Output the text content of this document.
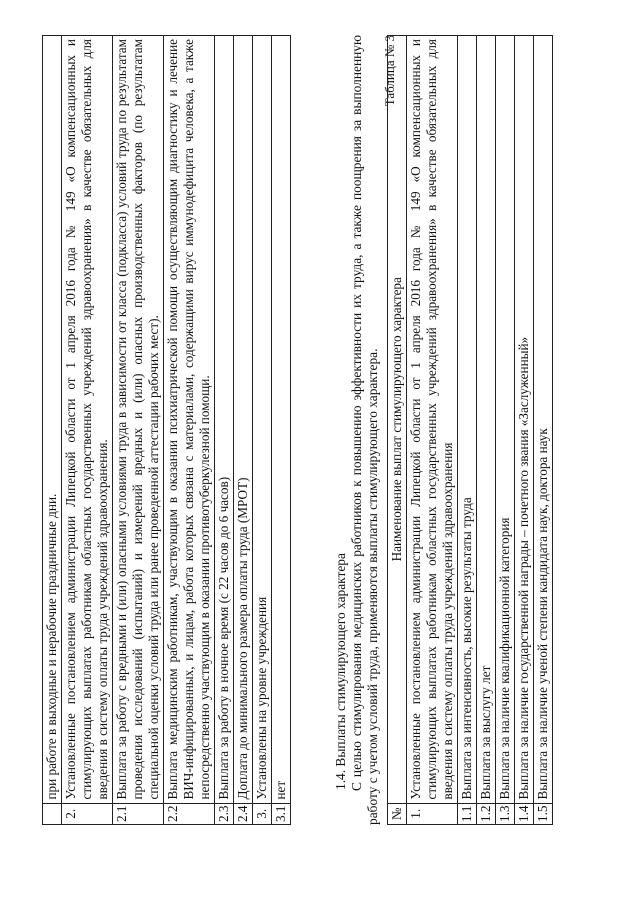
	при работе в выходные и нерабочие праздничные дни.
2.	Установленные постановлением администрации Липецкой области от 1 апреля 2016 года № 149 «О компенсационных и стимулирующих выплатах работникам областных государственных учреждений здравоохранения» в качестве обязательных для введения в систему оплаты труда учреждений здравоохранения.
2.1	Выплата за работу с вредными и (или) опасными условиями труда в зависимости от класса (подкласса) условий труда по результатам проведения исследований (испытаний) и измерений вредных и (или) опасных производственных факторов (по результатам специальной оценки условий труда или ранее проведенной аттестации рабочих мест).
2.2	Выплата медицинским работникам, участвующим в оказании психиатрической помощи осуществляющим диагностику и лечение ВИЧ-инфицированных, и лицам, работа которых связана с материалами, содержащими вирус иммунодефицита человека, а также непосредственно участвующим в оказании противотуберкулезной помощи.
2.3	Выплата за работу в ночное время (с 22 часов до 6 часов)
2.4	Доплата до минимального размера оплаты труда (МРОТ)
3.	Установлены на уровне учреждения
3.1	нет
1.4. Выплаты стимулирующего характера С целью стимулирования медицинских работников к повышению эффективности их труда, а также поощрения за выполненную работу с учетом условий труда, применяются выплаты стимулирующего характера.
Таблица № 3
№	Наименование выплат стимулирующего характера
1.	Установленные постановлением администрации Липецкой области от 1 апреля 2016 года № 149 «О компенсационных и стимулирующих выплатах работникам областных государственных учреждений здравоохранения» в качестве обязательных для введения в систему оплаты труда учреждений здравоохранения
1.1	Выплата за интенсивность, высокие результаты труда
1.2	Выплата за выслугу лет
1.3	Выплата за наличие квалификационной категория
1.4	Выплата за наличие государственной награды – почетного звания «Заслуженный»
1.5	Выплата за наличие ученой степени кандидата наук, доктора наук
